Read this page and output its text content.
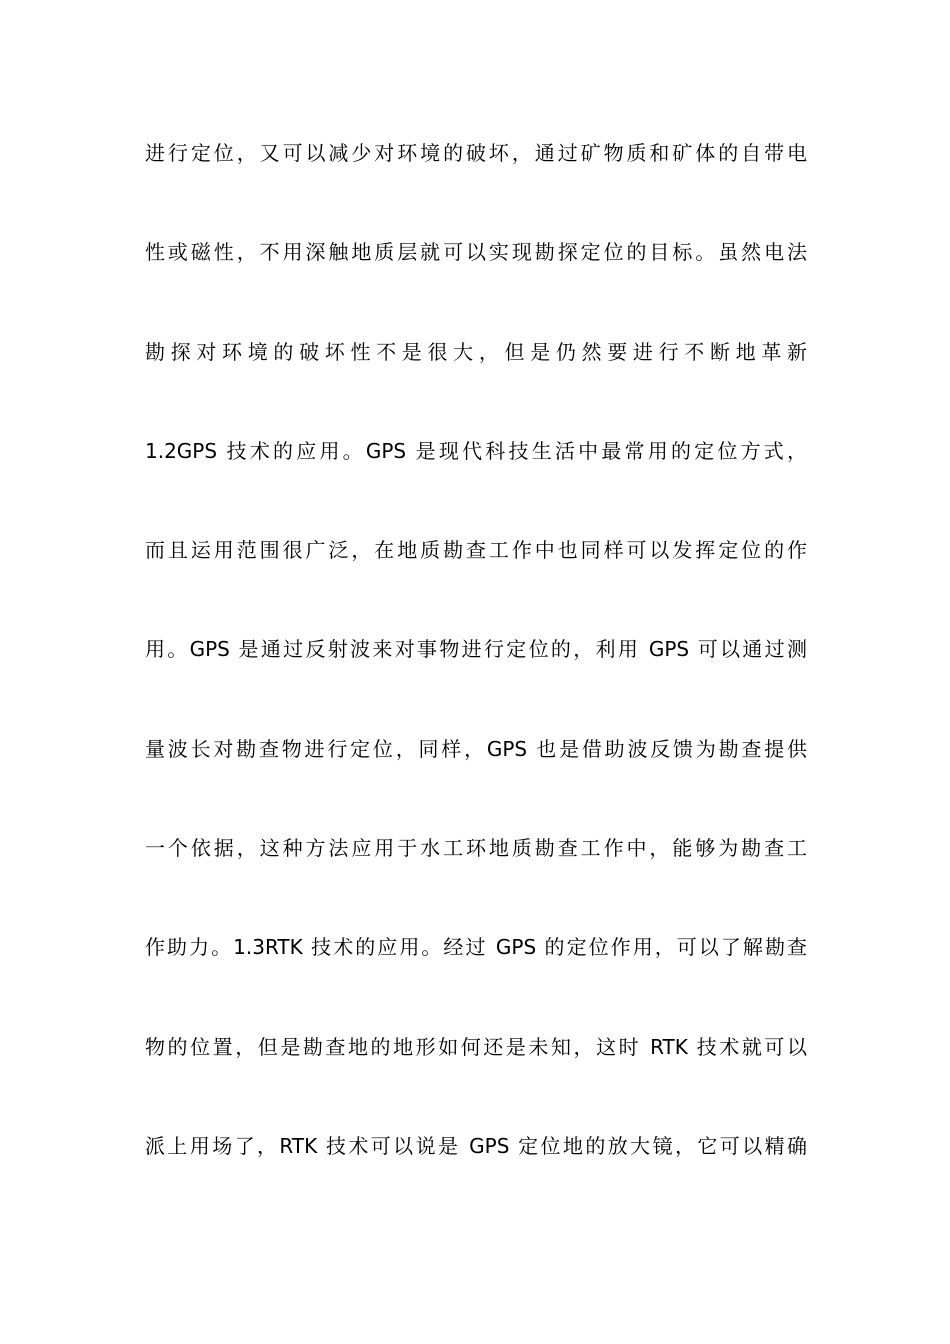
进行定位，又可以减少对环境的破坏，通过矿物质和矿体的自带电
性或磁性，不用深触地质层就可以实现勘探定位的目标。虽然电法
勘探对环境的破坏性不是很大，但是仍然要进行不断地革新
1.2GPS 技术的应用。GPS 是现代科技生活中最常用的定位方式，
而且运用范围很广泛，在地质勘查工作中也同样可以发挥定位的作
用。GPS 是通过反射波来对事物进行定位的，利用 GPS 可以通过测
量波长对勘查物进行定位，同样，GPS 也是借助波反馈为勘查提供
一个依据，这种方法应用于水工环地质勘查工作中，能够为勘查工
作助力。1.3RTK 技术的应用。经过 GPS 的定位作用，可以了解勘查
物的位置，但是勘查地的地形如何还是未知，这时 RTK 技术就可以
派上用场了，RTK 技术可以说是 GPS 定位地的放大镜，它可以精确
